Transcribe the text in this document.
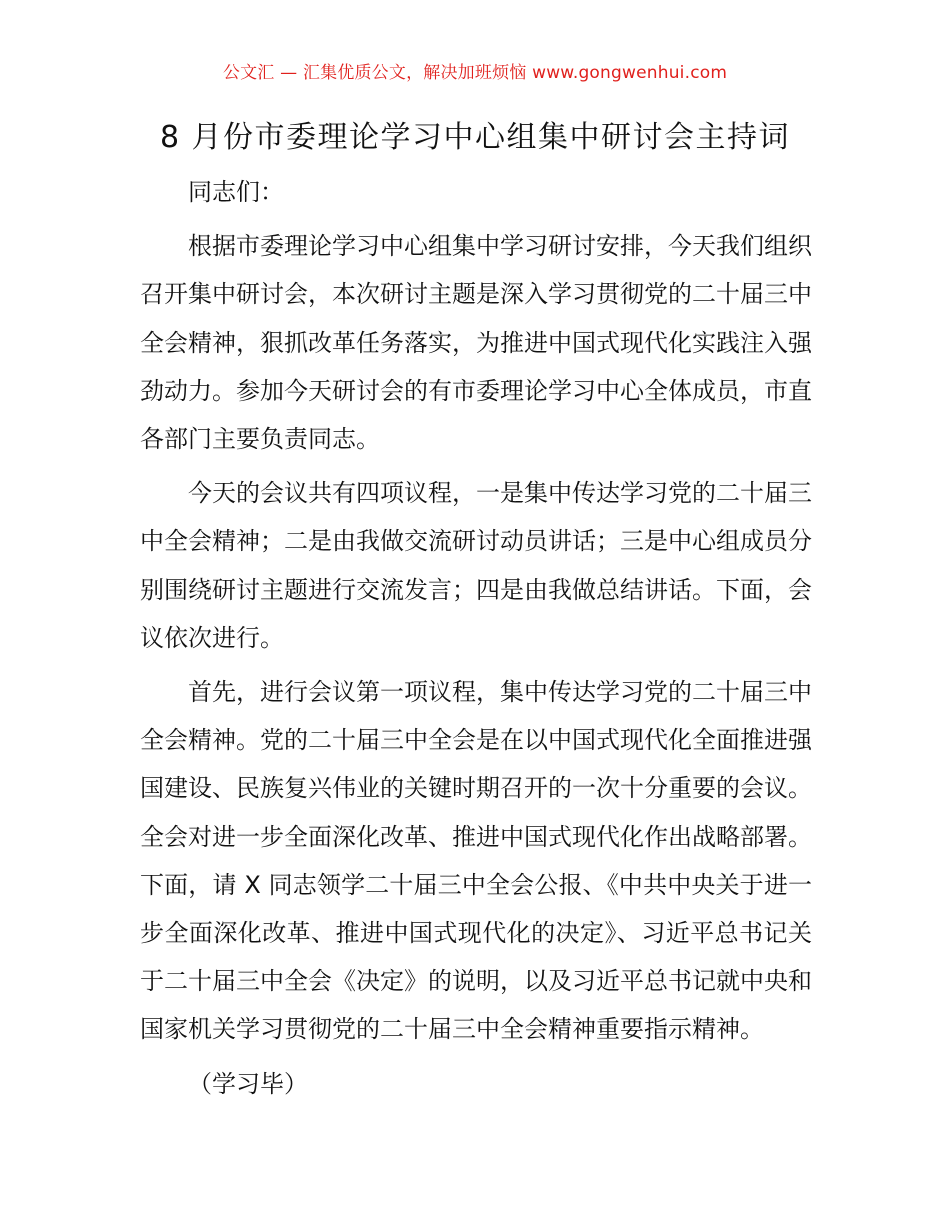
公文汇 — 汇集优质公文，解决加班烦恼 www.gongwenhui.com
8 月份市委理论学习中心组集中研讨会主持词

同志们：

根据市委理论学习中心组集中学习研讨安排，今天我们组织召开集中研讨会，本次研讨主题是深入学习贯彻党的二十届三中全会精神，狠抓改革任务落实，为推进中国式现代化实践注入强劲动力。参加今天研讨会的有市委理论学习中心全体成员，市直各部门主要负责同志。

今天的会议共有四项议程，一是集中传达学习党的二十届三中全会精神；二是由我做交流研讨动员讲话；三是中心组成员分别围绕研讨主题进行交流发言；四是由我做总结讲话。下面，会议依次进行。

首先，进行会议第一项议程，集中传达学习党的二十届三中全会精神。党的二十届三中全会是在以中国式现代化全面推进强国建设、民族复兴伟业的关键时期召开的一次十分重要的会议。全会对进一步全面深化改革、推进中国式现代化作出战略部署。下面，请 X 同志领学二十届三中全会公报、《中共中央关于进一步全面深化改革、推进中国式现代化的决定》、习近平总书记关于二十届三中全会《决定》的说明，以及习近平总书记就中央和国家机关学习贯彻党的二十届三中全会精神重要指示精神。

（学习毕）
